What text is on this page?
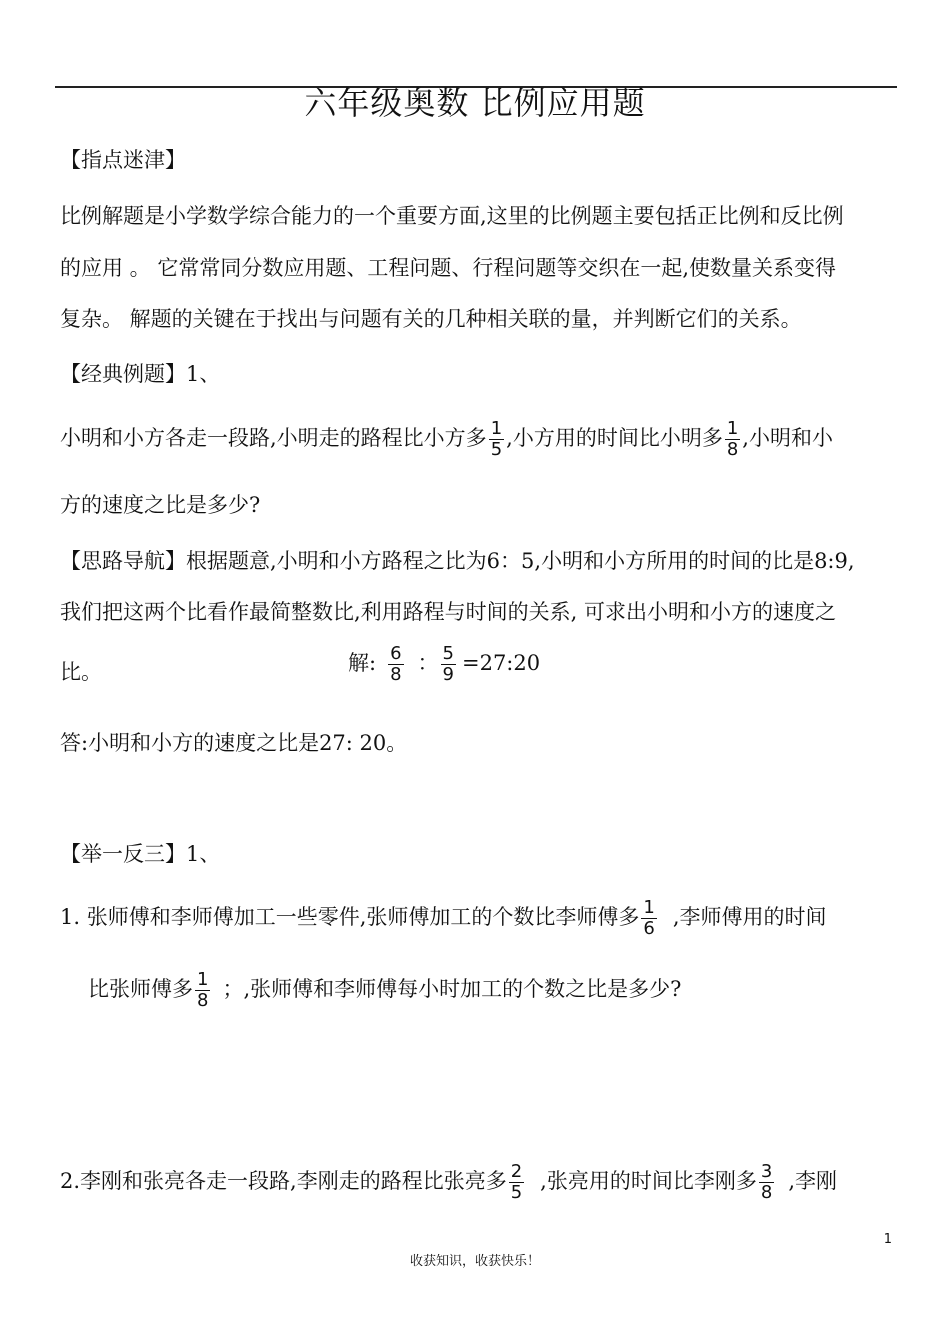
六年级奥数 比例应用题
【指点迷津】
比例解题是小学数学综合能力的一个重要方面,这里的比例题主要包括正比例和反比例
的应用 。 它常常同分数应用题、工程问题、行程问题等交织在一起,使数量关系变得
复杂。 解题的关键在于找出与问题有关的几种相关联的量，并判断它们的关系。
【经典例题】1、
小明和小方各走一段路,小明走的路程比小方多 $\frac{1}{5}$ ,小方用的时间比小明多 $\frac{1}{8}$ ,小明和小
方的速度之比是多少?
【思路导航】根据题意,小明和小方路程之比为6：5,小明和小方所用的时间的比是8:9,
我们把这两个比看作最简整数比,利用路程与时间的关系, 可求出小明和小方的速度之
比。	解: $\frac{6}{8}$ ： $\frac{5}{9}$ =27:20
答:小明和小方的速度之比是27: 20。
【举一反三】1、
1. 张师傅和李师傅加工一些零件,张师傅加工的个数比李师傅多 $\frac{1}{6}$ ,李师傅用的时间
比张师傅多 $\frac{1}{8}$ ；,张师傅和李师傅每小时加工的个数之比是多少?
2.李刚和张亮各走一段路,李刚走的路程比张亮多 $\frac{2}{5}$ ,张亮用的时间比李刚多 $\frac{3}{8}$ ,李刚
1
收获知识，收获快乐！
